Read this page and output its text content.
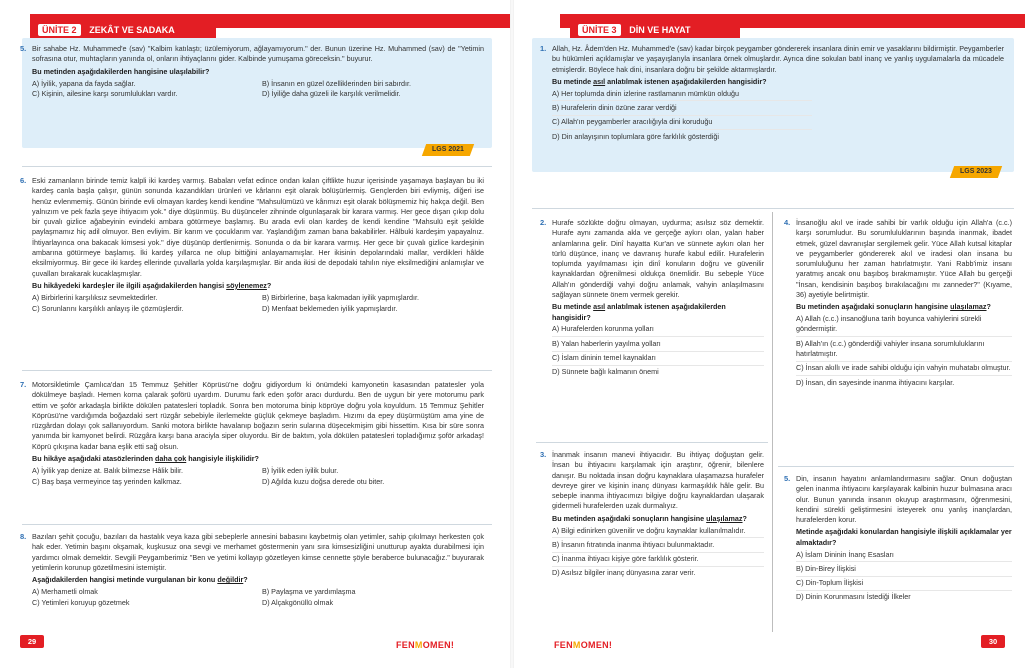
ÜNİTE 2 ZEKÂT VE SADAKA
LGS 2021
5. Bir sahabe Hz. Muhammed'e (sav) "Kalbim katılaştı; üzülemiyorum, ağlayamıyorum." der. Bunun üzerine Hz. Muhammed (sav) de "Yetimin sofrasına otur, muhtaçların yanında ol, onların ihtiyaçlarını gider. Kalbinde yumuşama göreceksin." buyurur.
Bu metinden aşağıdakilerden hangisine ulaşılabilir?
A) İyilik, yapana da fayda sağlar.	B) İnsanın en güzel özelliklerinden biri sabırdır.
C) Kişinin, ailesine karşı sorumlulukları vardır.	D) İyiliğe daha güzeli ile karşılık verilmelidir.
6. Eski zamanların birinde temiz kalpli iki kardeş varmış. Babaları vefat edince ondan kalan çiftlikte huzur içerisinde yaşamaya başlayan bu iki kardeş canla başla çalışır, günün sonunda kazandıkları ürünleri ve kârlarını eşit olarak bölüşürlermiş. Gençlerden biri evliymiş, diğeri ise henüz evlenmemiş. Günün birinde evli olmayan kardeş kendi kendine "Mahsulümüzü ve kârımızı eşit olarak bölüşmemiz hiç hakça değil. Ben yalnızım ve pek fazla şeye ihtiyacım yok." diye düşünmüş. Bu düşünceler zihninde olgunlaşarak bir karara varmış. Her gece dışarı çıkıp dolu bir çuvalı gizlice ağabeyinin evindeki ambara götürmeye başlamış. Bu arada evli olan kardeş de kendi kendine "Mahsulü eşit şekilde paylaşmamız hiç adil olmuyor. Ben evliyim. Bir karım ve çocuklarım var. Yaşlandığım zaman bana bakabilirler. Hâlbuki kardeşim yapayalnız. İhtiyarlayınca ona bakacak kimsesi yok." diye düşünüp dertlenirmiş. Sonunda o da bir karara varmış. Her gece bir çuvalı gizlice kardeşinin ambarına götürmeye başlamış. İki kardeş yıllarca ne olup bittiğini anlayamamışlar. Her ikisinin depolarındaki mallar, verdikleri hâlde eksilmiyormuş. Bir gece iki kardeş ellerinde çuvallarla yolda karşılaşmışlar. Bir anda ikisi de depodaki tahılın niye eksilmediğini anlamışlar ve çuvalları bırakarak kucaklaşmışlar.
Bu hikâyedeki kardeşler ile ilgili aşağıdakilerden hangisi söylenemez?
A) Birbirlerini karşılıksız sevmektedirler.	B) Birbirlerine, başa kakmadan iyilik yapmışlardır.
C) Sorunlarını karşılıklı anlayış ile çözmüşlerdir.	D) Menfaat beklemeden iyilik yapmışlardır.
7. Motorsikletimle Çamlıca'dan 15 Temmuz Şehitler Köprüsü'ne doğru gidiyordum ki önümdeki kamyonetin kasasından patatesler yola dökülmeye başladı. Hemen korna çalarak şoförü uyardım. Durumu fark eden şoför aracı durdurdu. Ben de uygun bir yere motorumu park ettim ve şoför arkadaşla birlikte dökülen patatesleri topladık. Sonra ben motoruma binip köprüye doğru yola koyuldum. 15 Temmuz Şehitler Köprüsü'ne vardığımda boğazdaki sert rüzgâr sebebiyle ilerlemekte güçlük çekmeye başladım. Hızımı da epey düşürmüştüm ama yine de rüzgârdan dolayı çok sallanıyordum. Sanki motora birlikte havalanıp boğazın serin sularına düşecekmişim gibi hissettim. Kısa bir süre sonra yanımda bir kamyonet belirdi. Rüzgâra karşı bana araciyla siper oluyordu. Bir de baktım, yola dökülen patatesleri topladığımız şoför arkadaş! Köprü çıkışına kadar bana eşlik etti sağ olsun.
Bu hikâye aşağıdaki atasözlerinden daha çok hangisiyle ilişkilidir?
A) İyilik yap denize at. Balık bilmezse Hâlik bilir.	B) İyilik eden iyilik bulur.
C) Baş başa vermeyince taş yerinden kalkmaz.	D) Ağılda kuzu doğsa derede otu biter.
8. Bazıları şehit çocuğu, bazıları da hastalık veya kaza gibi sebeplerle annesini babasını kaybetmiş olan yetimler, sahip çıkılmayı herkesten çok hak eder. Yetimin başını okşamak, kuşkusuz ona sevgi ve merhamet göstermenin yanı sıra kimsesizliğini unutturup ayakta durabilmesi için yardımcı olmak demektir. Sevgili Peygamberimiz "Ben ve yetimi kollayıp gözetleyen kimse cennette şöyle beraberce bulunacağız." buyurarak yetimlerin korunup gözetilmesini istemiştir.
Aşağıdakilerden hangisi metinde vurgulanan bir konu değildir?
A) Merhametli olmak	B) Paylaşma ve yardımlaşma
C) Yetimleri koruyup gözetmek	D) Alçakgönüllü olmak
29	FENMOMEN!
ÜNİTE 3 DİN VE HAYAT
LGS 2023
1. Allah, Hz. Âdem'den Hz. Muhammed'e (sav) kadar birçok peygamber göndererek insanlara dinin emir ve yasaklarını bildirmiştir. Peygamberler bu hükümleri açıklamışlar ve yaşayışlarıyla insanlara örnek olmuşlardır. Ayrıca dine sokulan batıl inanç ve yanlış uygulamalarla da mücadele etmişlerdir. Böylece hak dini, insanlara doğru bir şekilde aktarmışlardır.
Bu metinde asıl anlatılmak istenen aşağıdakilerden hangisidir?
A) Her toplumda dinin izlerine rastlamanın mümkün olduğu
B) Hurafelerin dinin özüne zarar verdiği
C) Allah'ın peygamberler aracılığıyla dini koruduğu
D) Din anlayışının toplumlara göre farklılık gösterdiği
2. Hurafe sözlükte doğru olmayan, uydurma; asılsız söz demektir. Hurafe aynı zamanda akla ve gerçeğe aykırı olan, yalan haber anlamlarına gelir. Dinî hayatta Kur'an ve sünnete aykırı olan her türlü düşünce, inanç ve davranış hurafe kabul edilir. Hurafelerin toplumda yayılmaması için dinî konuların doğru ve güvenilir kaynaklardan öğrenilmesi oldukça önemlidir. Bu sebeple Yüce Allah'ın gönderdiği vahyi doğru anlamak, vahyin anlaşılmasını sağlayan sünnete önem vermek gerekir.
Bu metinde asıl anlatılmak istenen aşağıdakilerden hangisidir?
A) Hurafelerden korunma yolları
B) Yalan haberlerin yayılma yolları
C) İslam dininin temel kaynakları
D) Sünnete bağlı kalmanın önemi
3. İnanmak insanın manevi ihtiyacıdır. Bu ihtiyaç doğuştan gelir. İnsan bu ihtiyacını karşılamak için araştırır, öğrenir, bilenlere danışır. Bu noktada insan doğru kaynaklara ulaşamazsa hurafeler devreye girer ve kişinin inanç dünyası karmaşıklık hâle gelir. Bu sebeple inanma ihtiyacımızı bilgiye doğru kaynaklardan ulaşarak gidermeli hurafelerden uzak durmalıyız.
Bu metinden aşağıdaki sonuçların hangisine ulaşılamaz?
A) Bilgi edinirken güvenilir ve doğru kaynaklar kullanılmalıdır.
B) İnsanın fıtratında inanma ihtiyacı bulunmaktadır.
C) İnanma ihtiyacı kişiye göre farklılık gösterir.
D) Asılsız bilgiler inanç dünyasına zarar verir.
4. İnsanoğlu akıl ve irade sahibi bir varlık olduğu için Allah'a (c.c.) karşı sorumludur. Bu sorumluluklarının başında inanmak, ibadet etmek, güzel davranışlar sergilemek gelir. Yüce Allah kutsal kitaplar ve peygamberler göndererek akıl ve iradesi olan insana bu sorumluluğunu her zaman hatırlatmıştır. Yani Rabb'imiz insanı yaratmış ancak onu başıboş bırakmamıştır. Yüce Allah bu gerçeği "İnsan, kendisinin başıboş bırakılacağını mı zanneder?" (Kıyame, 36) ayetiyle belirtmiştir.
Bu metinden aşağıdaki sonuçların hangisine ulaşılamaz?
A) Allah (c.c.) insanoğluna tarih boyunca vahiylerini sürekli göndermiştir.
B) Allah'ın (c.c.) gönderdiği vahiyler insana sorumluluklarını hatırlatmıştır.
C) İnsan akıllı ve irade sahibi olduğu için vahyin muhatabı olmuştur.
D) İnsan, din sayesinde inanma ihtiyacını karşılar.
5. Din, insanın hayatını anlamlandırmasını sağlar. Onun doğuştan gelen inanma ihtiyacını karşılayarak kalbinin huzur bulmasına aracı olur. Bunun yanında insanın okuyup araştırmasını, öğrenmesini, kendini sürekli geliştirmesini isteyerek onu yanlış inançlardan, hurafelerden korur.
Metinde aşağıdaki konulardan hangisiyle ilişkili açıklamalar yer almaktadır?
A) İslam Dininin İnanç Esasları
B) Din-Birey İlişkisi
C) Din-Toplum İlişkisi
D) Dinin Korunmasını İstediği İlkeler
30
FENMOMEN!
